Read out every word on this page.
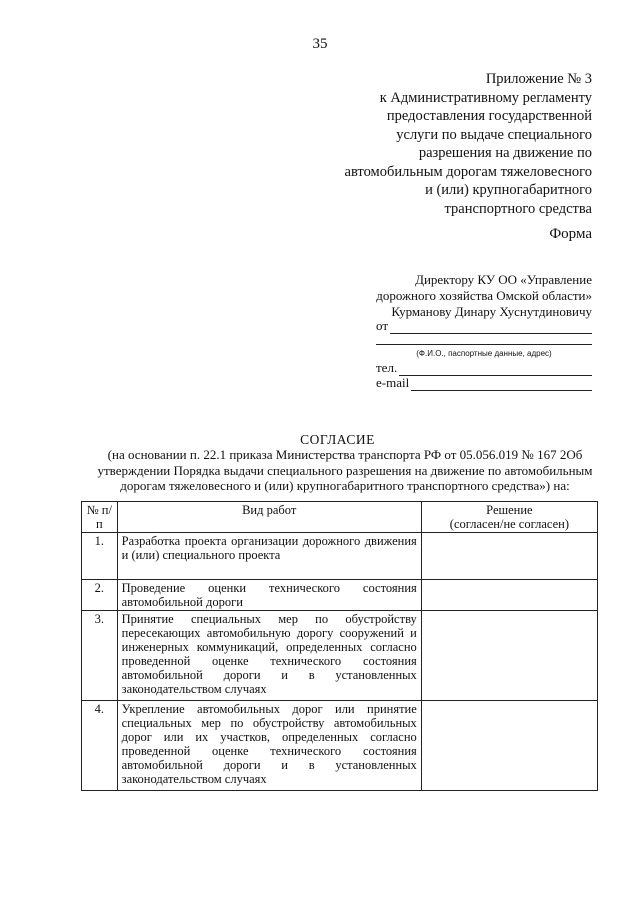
35
Приложение № 3
к Административному регламенту
предоставления государственной
услуги по выдаче специального
разрешения на движение по
автомобильным дорогам тяжеловесного
и (или) крупногабаритного
транспортного средства
Форма
Директору КУ ОО «Управление
дорожного хозяйства Омской области»
Курманову Динару Хуснутдиновичу
от
(Ф.И.О., паспортные данные, адрес)
тел.
e-mail
СОГЛАСИЕ
(на основании п. 22.1 приказа Министерства транспорта РФ от 05.056.019 № 167 2Об
утверждении Порядка выдачи специального разрешения на движение по автомобильным
дорогам тяжеловесного и (или) крупногабаритного транспортного средства») на:
№ п/п	Вид работ	Решение
(согласен/не согласен)

1.	Разработка проекта организации дорожного движения и (или) специального проекта	
2.	Проведение оценки технического состояния автомобильной дороги	
3.	Принятие специальных мер по обустройству пересекающих автомобильную дорогу сооружений и инженерных коммуникаций, определенных согласно проведенной оценке технического состояния автомобильной дороги и в установленных законодательством случаях	
4.	Укрепление автомобильных дорог или принятие специальных мер по обустройству автомобильных дорог или их участков, определенных согласно проведенной оценке технического состояния автомобильной дороги и в установленных законодательством случаях	
